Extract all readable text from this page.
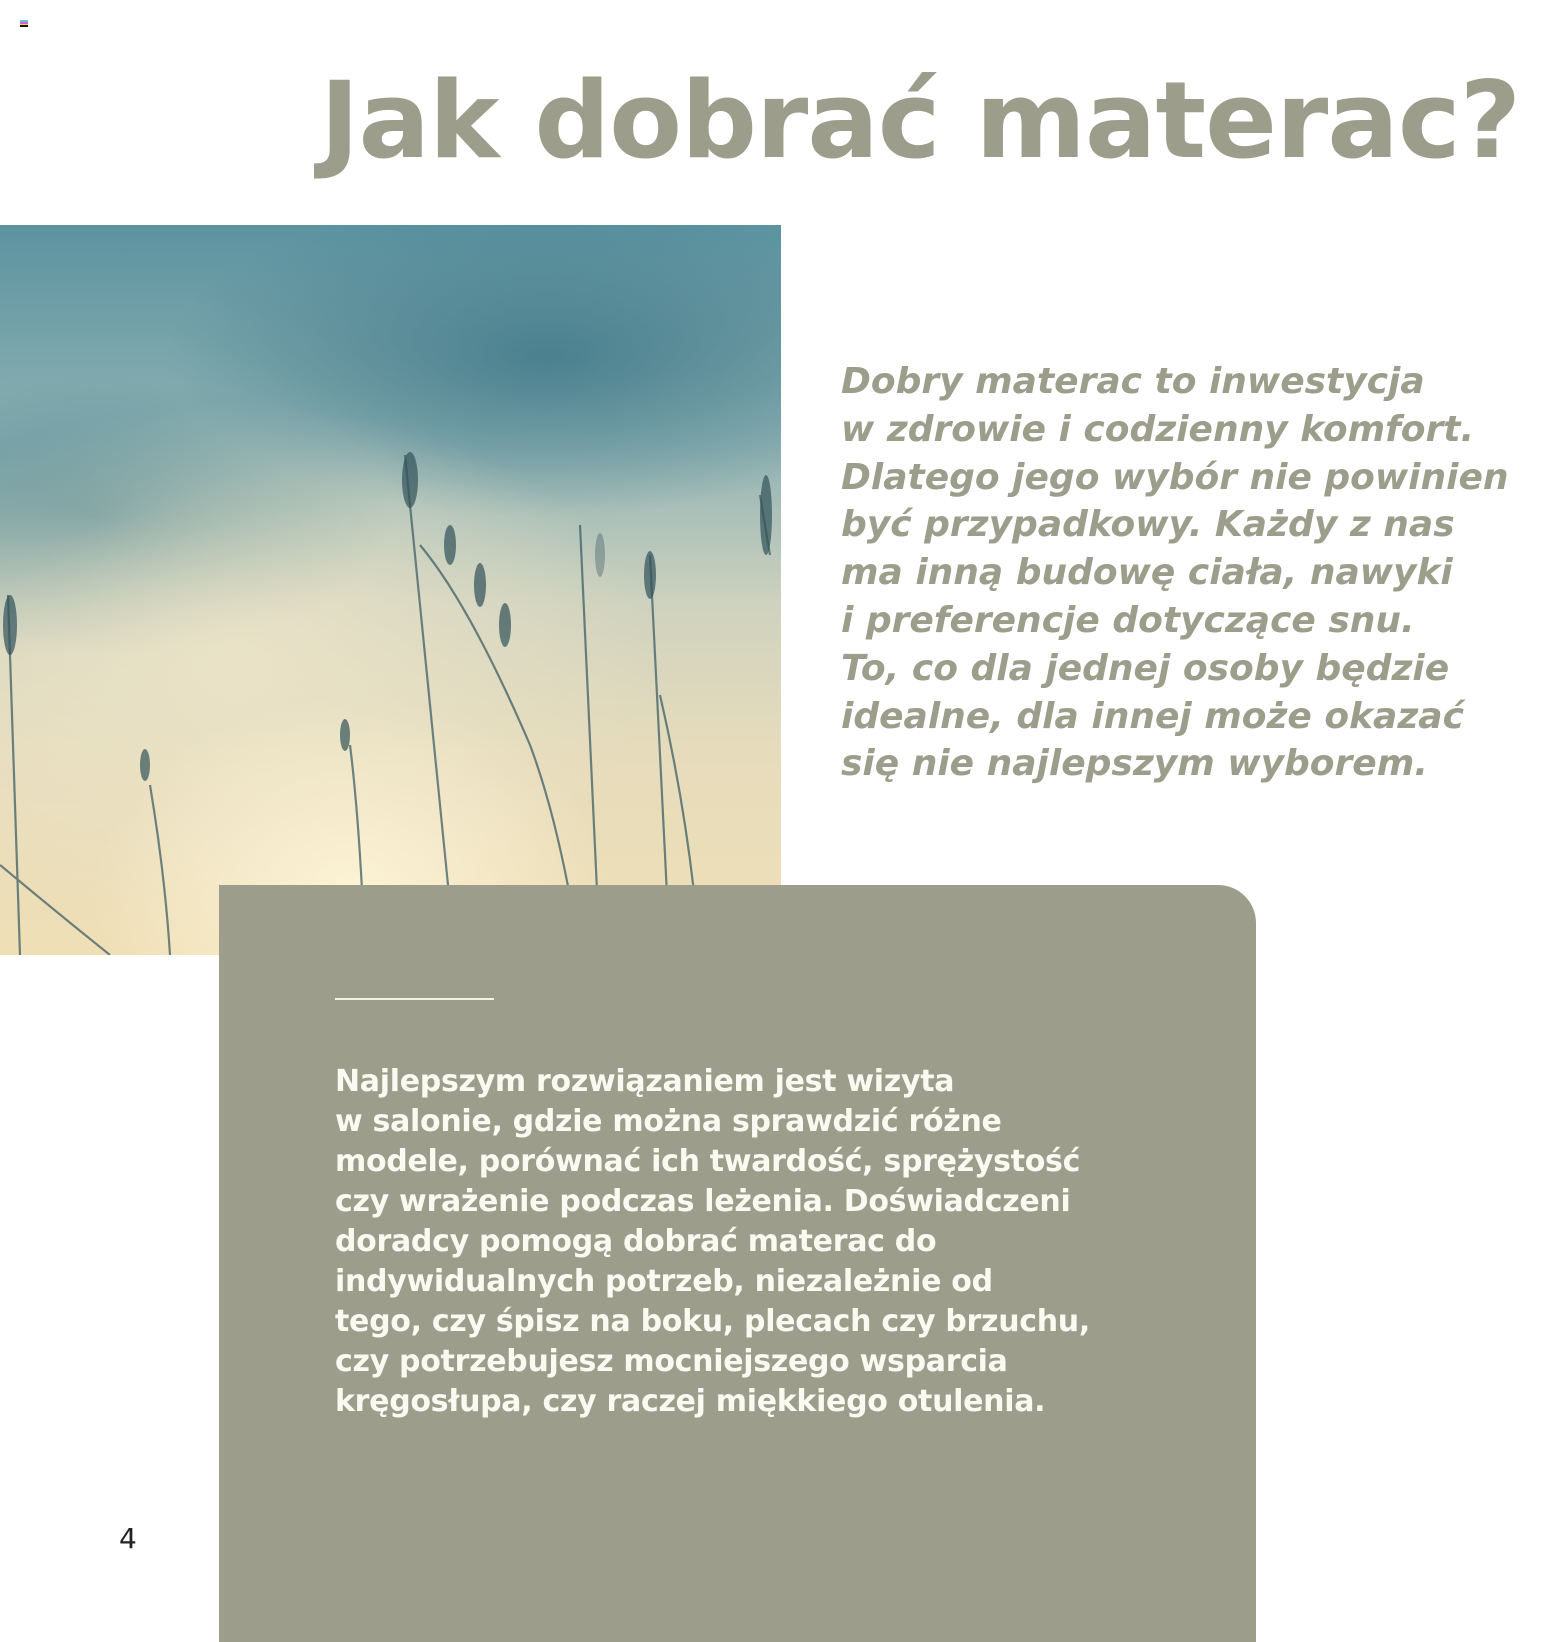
Jak dobrać materac?
Dobry materac to inwestycja
w zdrowie i codzienny komfort.
Dlatego jego wybór nie powinien
być przypadkowy. Każdy z nas
ma inną budowę ciała, nawyki
i preferencje dotyczące snu.
To, co dla jednej osoby będzie
idealne, dla innej może okazać
się nie najlepszym wyborem.
Najlepszym rozwiązaniem jest wizyta
w salonie, gdzie można sprawdzić różne
modele, porównać ich twardość, sprężystość
czy wrażenie podczas leżenia. Doświadczeni
doradcy pomogą dobrać materac do
indywidualnych potrzeb, niezależnie od
tego, czy śpisz na boku, plecach czy brzuchu,
czy potrzebujesz mocniejszego wsparcia
kręgosłupa, czy raczej miękkiego otulenia.
4
